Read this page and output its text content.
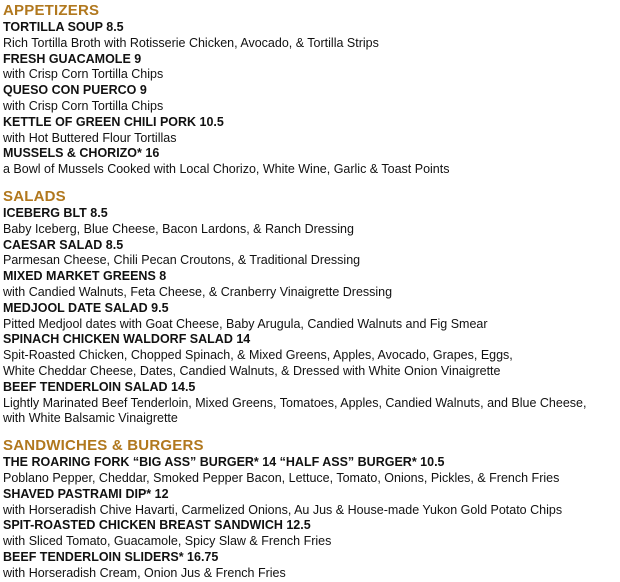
APPETIZERS
TORTILLA SOUP 8.5
Rich Tortilla Broth with Rotisserie Chicken, Avocado, & Tortilla Strips
FRESH GUACAMOLE 9
with Crisp Corn Tortilla Chips
QUESO CON PUERCO 9
with Crisp Corn Tortilla Chips
KETTLE OF GREEN CHILI PORK 10.5
with Hot Buttered Flour Tortillas
MUSSELS & CHORIZO* 16
a Bowl of Mussels Cooked with Local Chorizo, White Wine, Garlic & Toast Points
SALADS
ICEBERG BLT 8.5
Baby Iceberg, Blue Cheese, Bacon Lardons, & Ranch Dressing
CAESAR SALAD 8.5
Parmesan Cheese, Chili Pecan Croutons, & Traditional Dressing
MIXED MARKET GREENS 8
with Candied Walnuts, Feta Cheese, & Cranberry Vinaigrette Dressing
MEDJOOL DATE SALAD 9.5
Pitted Medjool dates with Goat Cheese, Baby Arugula, Candied Walnuts and Fig Smear
SPINACH CHICKEN WALDORF SALAD 14
Spit-Roasted Chicken, Chopped Spinach, & Mixed Greens, Apples, Avocado, Grapes, Eggs,
White Cheddar Cheese, Dates, Candied Walnuts, & Dressed with White Onion Vinaigrette
BEEF TENDERLOIN SALAD 14.5
Lightly Marinated Beef Tenderloin, Mixed Greens, Tomatoes, Apples, Candied Walnuts, and Blue Cheese,
with White Balsamic Vinaigrette
SANDWICHES & BURGERS
THE ROARING FORK “BIG ASS” BURGER* 14 “HALF ASS” BURGER* 10.5
Poblano Pepper, Cheddar, Smoked Pepper Bacon, Lettuce, Tomato, Onions, Pickles, & French Fries
SHAVED PASTRAMI DIP* 12
with Horseradish Chive Havarti, Carmelized Onions, Au Jus & House-made Yukon Gold Potato Chips
SPIT-ROASTED CHICKEN BREAST SANDWICH 12.5
with Sliced Tomato, Guacamole, Spicy Slaw & French Fries
BEEF TENDERLOIN SLIDERS* 16.75
with Horseradish Cream, Onion Jus & French Fries
